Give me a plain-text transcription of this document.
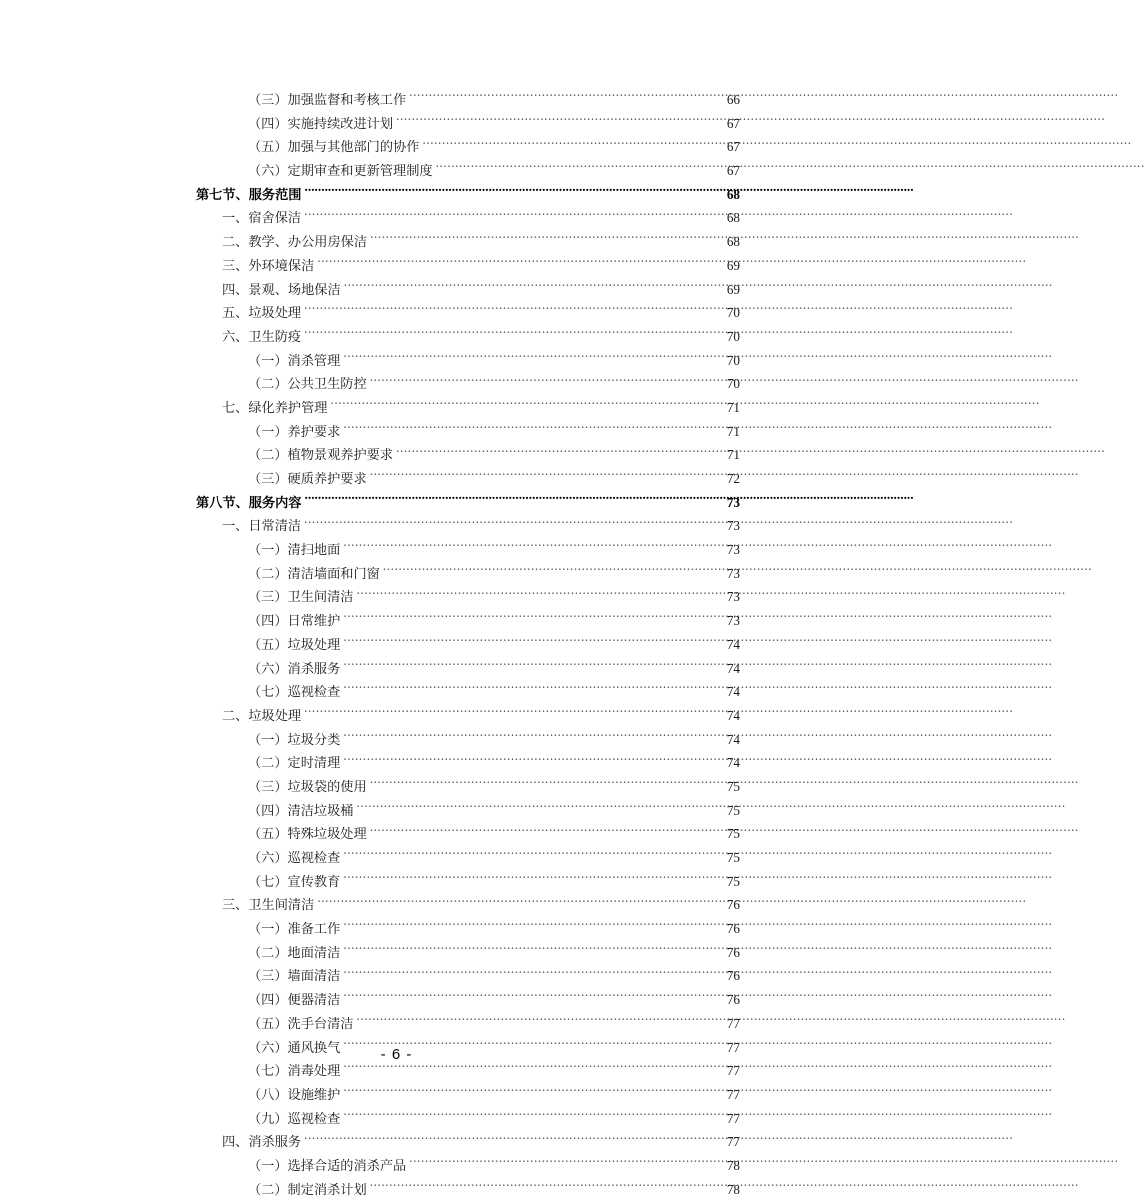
（三）加强监督和考核工作 .....	66
（四）实施持续改进计划 .....	67
（五）加强与其他部门的协作 .....	67
（六）定期审查和更新管理制度 .....	67
第七节、服务范围 .....	68
一、宿舍保洁 .....	68
二、教学、办公用房保洁 .....	68
三、外环境保洁 .....	69
四、景观、场地保洁 .....	69
五、垃圾处理 .....	70
六、卫生防疫 .....	70
（一）消杀管理 .....	70
（二）公共卫生防控 .....	70
七、绿化养护管理 .....	71
（一）养护要求 .....	71
（二）植物景观养护要求 .....	71
（三）硬质养护要求 .....	72
第八节、服务内容 .....	73
一、日常清洁 .....	73
（一）清扫地面 .....	73
（二）清洁墙面和门窗 .....	73
（三）卫生间清洁 .....	73
（四）日常维护 .....	73
（五）垃圾处理 .....	74
（六）消杀服务 .....	74
（七）巡视检查 .....	74
二、垃圾处理 .....	74
（一）垃圾分类 .....	74
（二）定时清理 .....	74
（三）垃圾袋的使用 .....	75
（四）清洁垃圾桶 .....	75
（五）特殊垃圾处理 .....	75
（六）巡视检查 .....	75
（七）宣传教育 .....	75
三、卫生间清洁 .....	76
（一）准备工作 .....	76
（二）地面清洁 .....	76
（三）墙面清洁 .....	76
（四）便器清洁 .....	76
（五）洗手台清洁 .....	77
（六）通风换气 .....	77
（七）消毒处理 .....	77
（八）设施维护 .....	77
（九）巡视检查 .....	77
四、消杀服务 .....	77
（一）选择合适的消杀产品 .....	78
（二）制定消杀计划 .....	78
- 6 -
